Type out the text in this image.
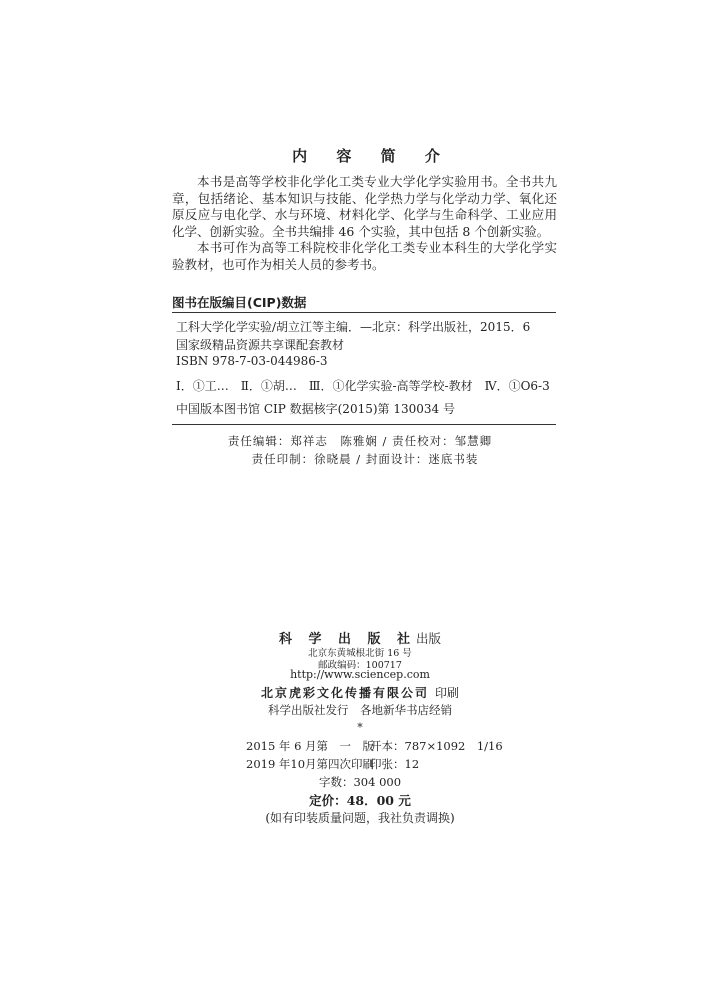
内 容 简 介

本书是高等学校非化学化工类专业大学化学实验用书。全书共九章，包括绪论、基本知识与技能、化学热力学与化学动力学、氧化还原反应与电化学、水与环境、材料化学、化学与生命科学、工业应用化学、创新实验。全书共编排 46 个实验，其中包括 8 个创新实验。

本书可作为高等工科院校非化学化工类专业本科生的大学化学实验教材，也可作为相关人员的参考书。

图书在版编目(CIP)数据
工科大学化学实验/胡立江等主编．—北京：科学出版社，2015．6
国家级精品资源共享课配套教材
ISBN 978-7-03-044986-3
Ⅰ．①工…　Ⅱ．①胡…　Ⅲ．①化学实验-高等学校-教材　Ⅳ．①O6-3
中国版本图书馆 CIP 数据核字(2015)第 130034 号
责任编辑：郑祥志　陈雅娴 / 责任校对：邹慧卿
责任印制：徐晓晨 / 封面设计：迷底书装
科 学 出 版 社出版
北京东黄城根北街 16 号
邮政编码：100717
http://www.sciencep.com
北京虎彩文化传播有限公司 印刷
科学出版社发行　各地新华书店经销
*
2015 年 6 月第　一　版
开本：787×1092　1/16
2019 年10月第四次印刷
印张：12
字数：304 000
定价：48．00 元
(如有印装质量问题，我社负责调换)
